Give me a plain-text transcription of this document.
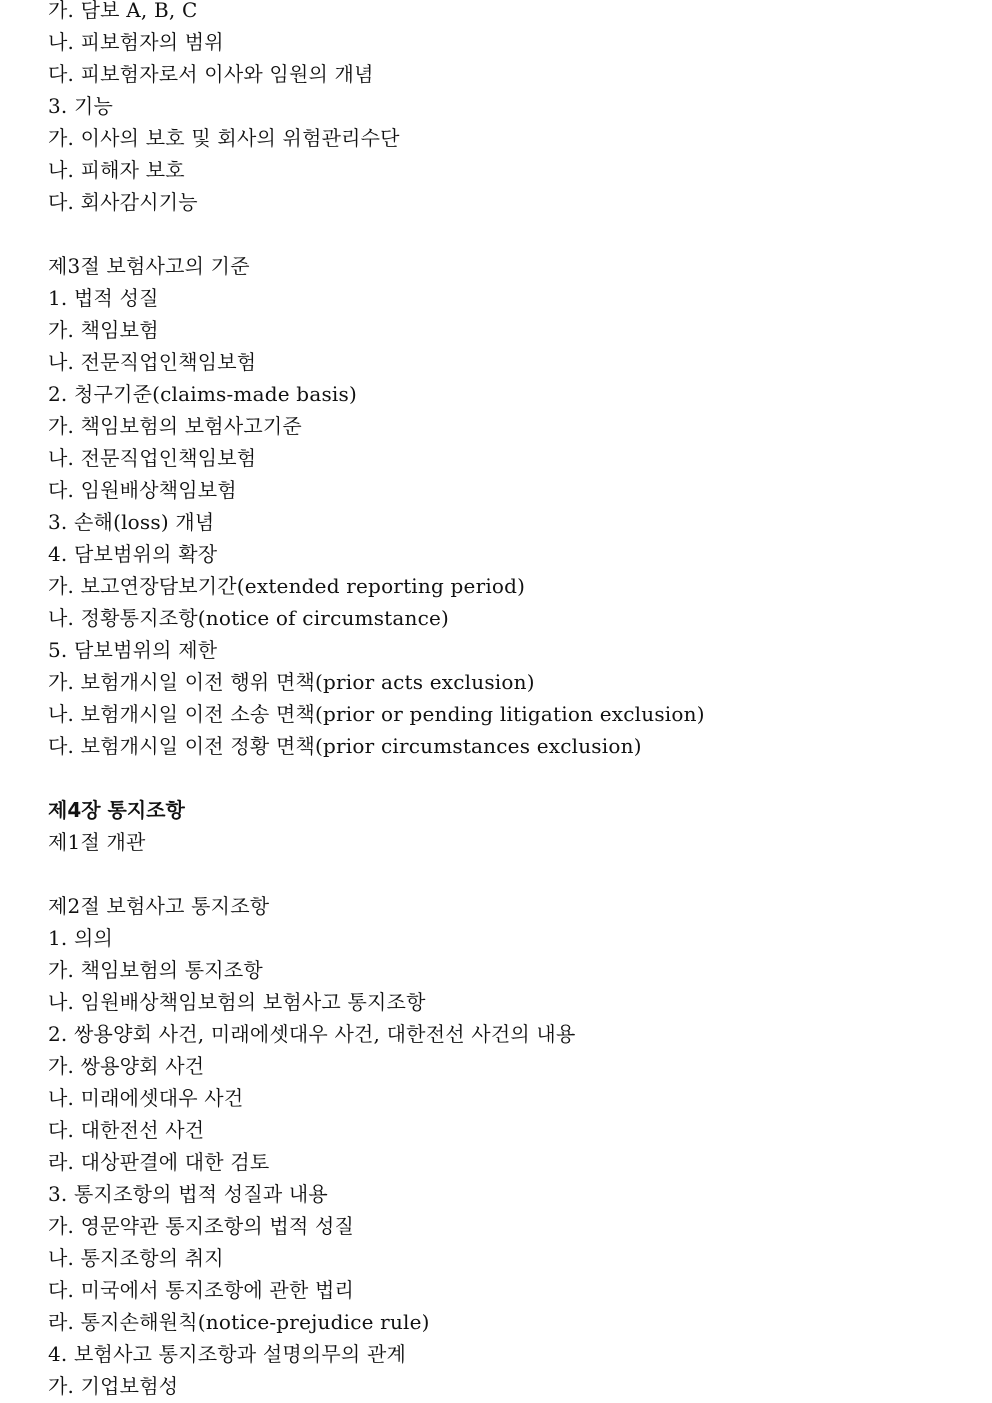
가. 담보 A, B, C
나. 피보험자의 범위
다. 피보험자로서 이사와 임원의 개념
3. 기능
가. 이사의 보호 및 회사의 위험관리수단
나. 피해자 보호
다. 회사감시기능
제3절 보험사고의 기준
1. 법적 성질
가. 책임보험
나. 전문직업인책임보험
2. 청구기준(claims-made basis)
가. 책임보험의 보험사고기준
나. 전문직업인책임보험
다. 임원배상책임보험
3. 손해(loss) 개념
4. 담보범위의 확장
가. 보고연장담보기간(extended reporting period)
나. 정황통지조항(notice of circumstance)
5. 담보범위의 제한
가. 보험개시일 이전 행위 면책(prior acts exclusion)
나. 보험개시일 이전 소송 면책(prior or pending litigation exclusion)
다. 보험개시일 이전 정황 면책(prior circumstances exclusion)
제4장 통지조항
제1절 개관
제2절 보험사고 통지조항
1. 의의
가. 책임보험의 통지조항
나. 임원배상책임보험의 보험사고 통지조항
2. 쌍용양회 사건, 미래에셋대우 사건, 대한전선 사건의 내용
가. 쌍용양회 사건
나. 미래에셋대우 사건
다. 대한전선 사건
라. 대상판결에 대한 검토
3. 통지조항의 법적 성질과 내용
가. 영문약관 통지조항의 법적 성질
나. 통지조항의 취지
다. 미국에서 통지조항에 관한 법리
라. 통지손해원칙(notice-prejudice rule)
4. 보험사고 통지조항과 설명의무의 관계
가. 기업보험성
